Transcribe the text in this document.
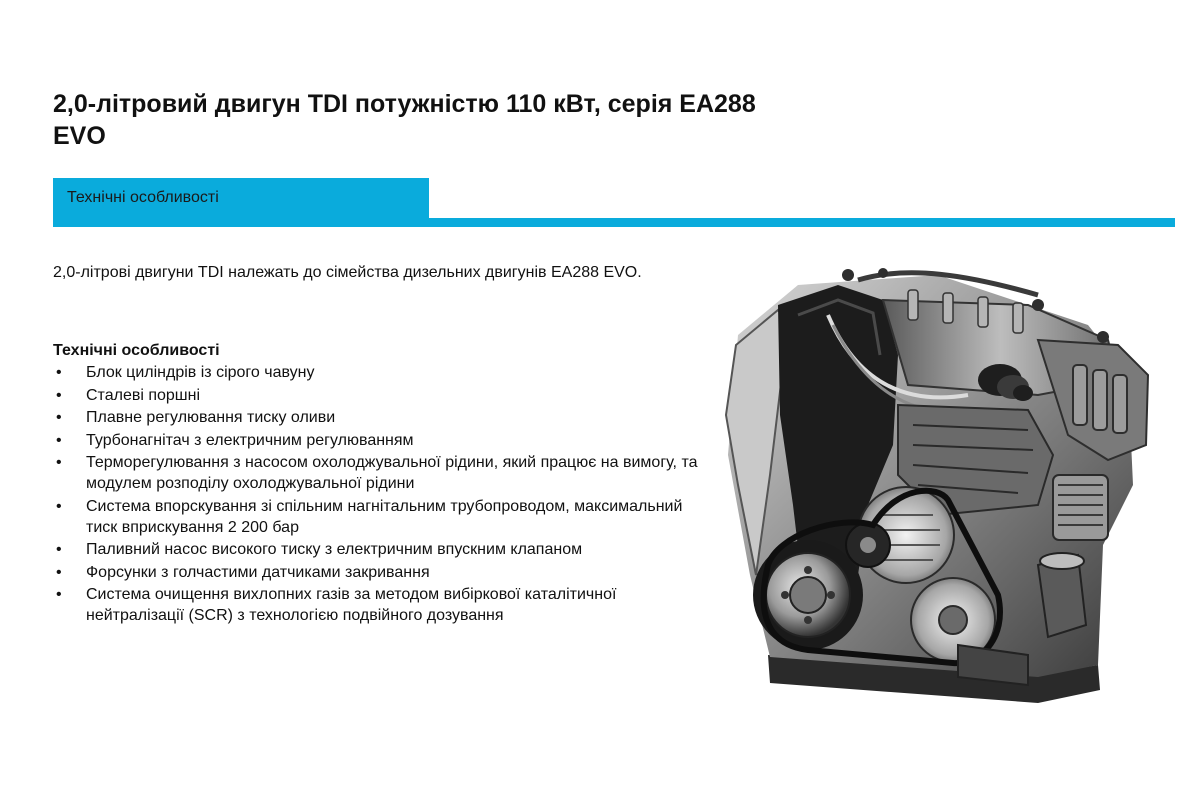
2,0-літровий двигун TDI потужністю 110 кВт, серія EA288 EVO
Технічні особливості

2,0-літрові двигуни TDI належать до сімейства дизельних двигунів EA288 EVO.

Технічні особливості

• Блок циліндрів із сірого чавуну
• Сталеві поршні
• Плавне регулювання тиску оливи
• Турбонагнітач з електричним регулюванням
• Терморегулювання з насосом охолоджувальної рідини, який працює на вимогу, та модулем розподілу охолоджувальної рідини
• Система впорскування зі спільним нагнітальним трубопроводом, максимальний тиск вприскування 2 200 бар
• Паливний насос високого тиску з електричним впускним клапаном
• Форсунки з голчастими датчиками закривання
• Система очищення вихлопних газів за методом вибіркової каталітичної нейтралізації (SCR) з технологією подвійного дозування
